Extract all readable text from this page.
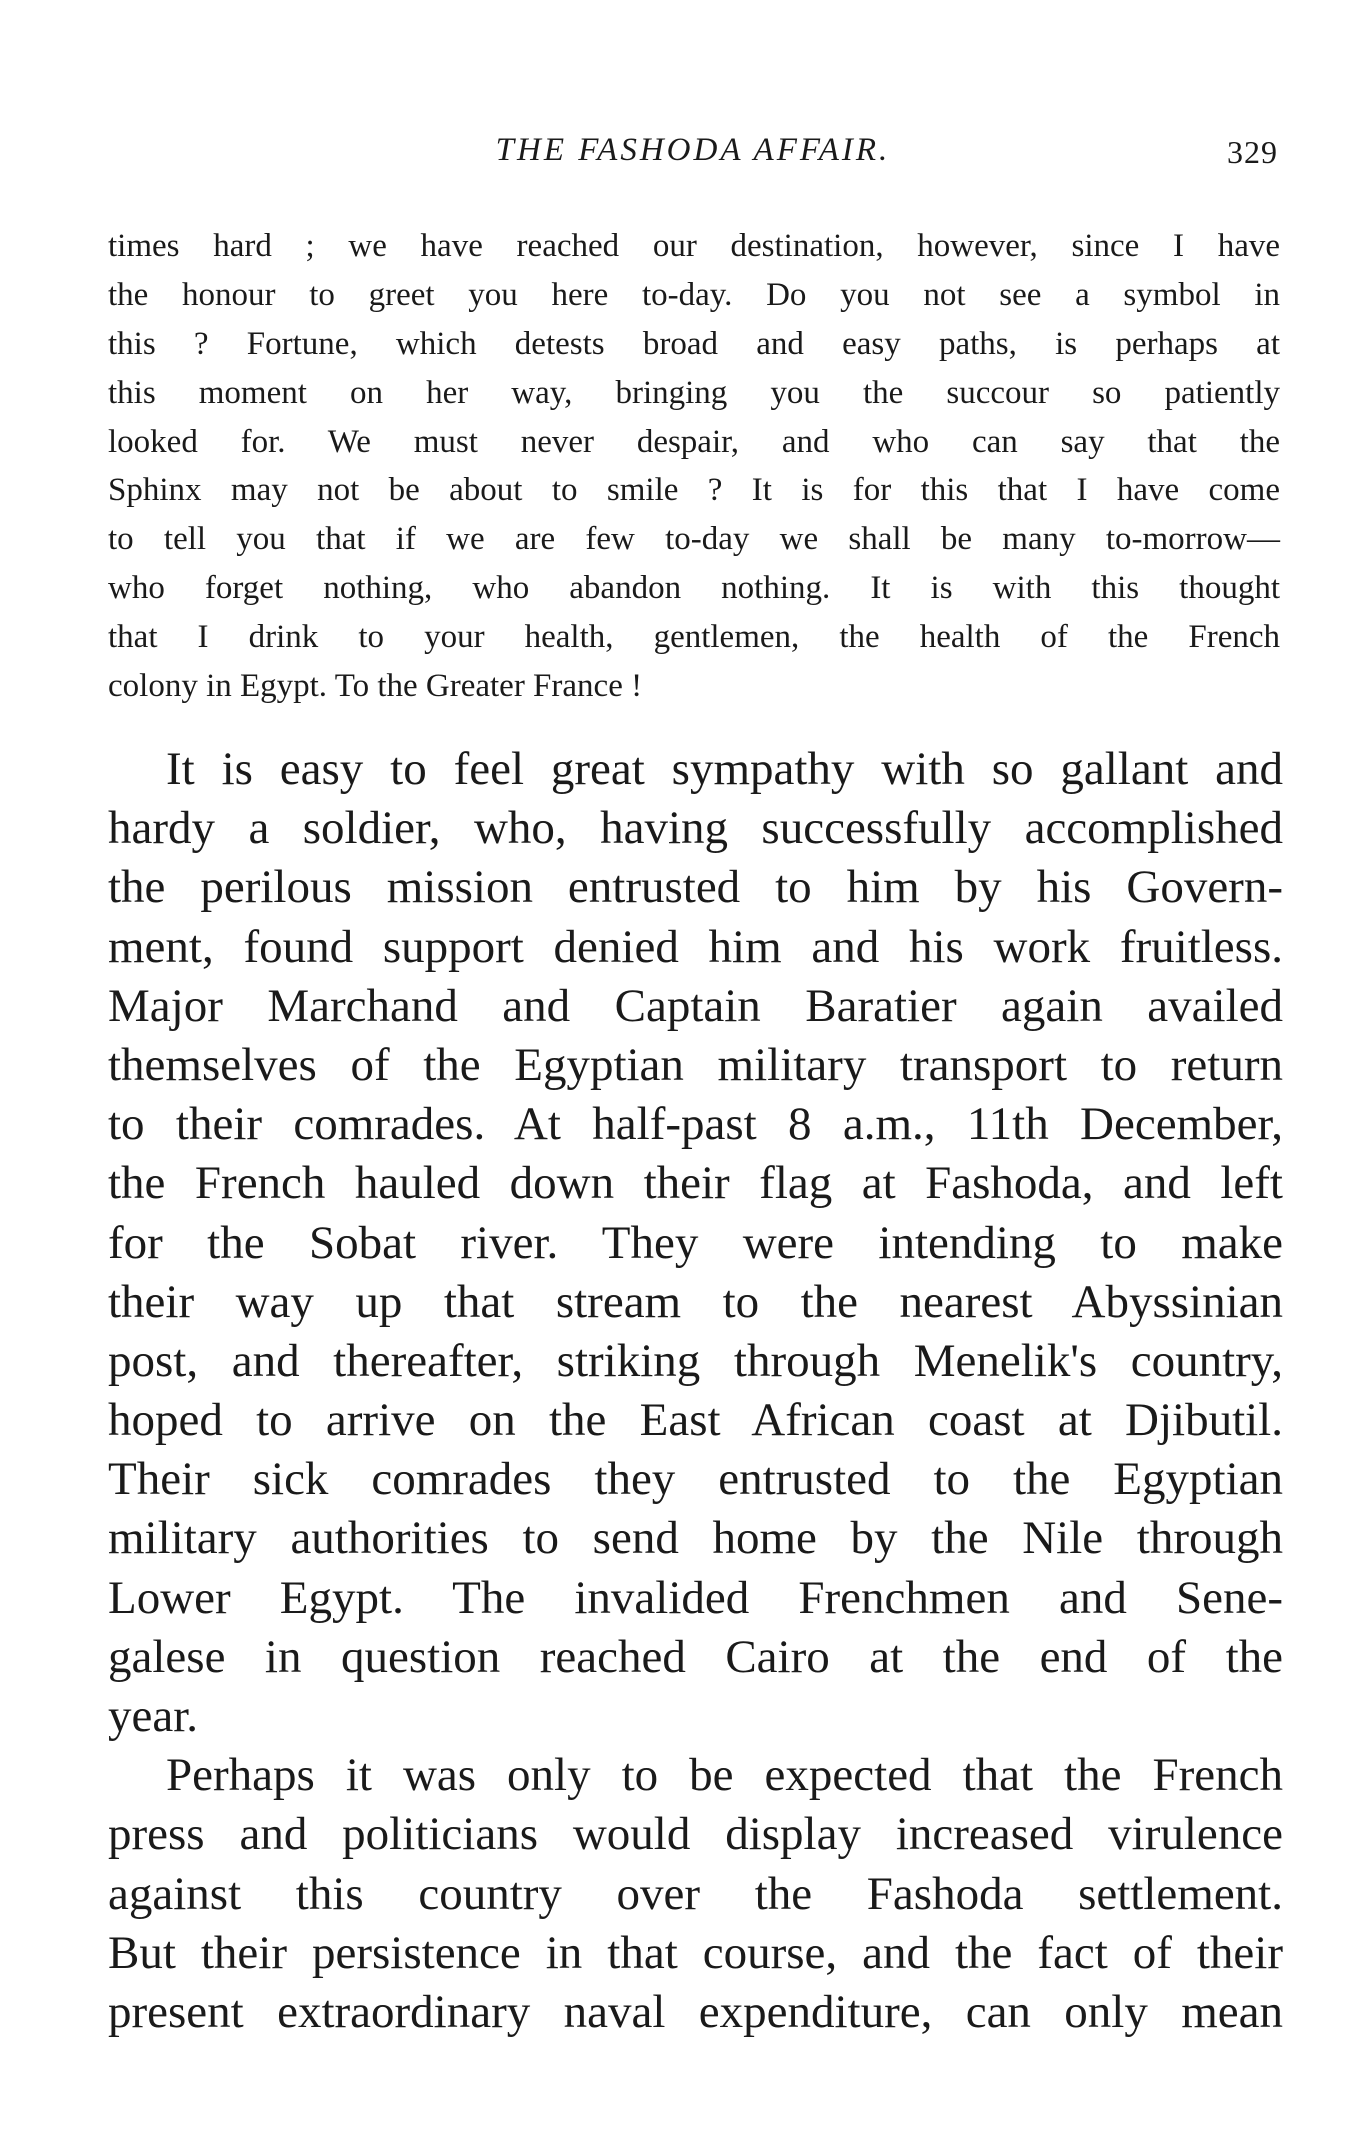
THE FASHODA AFFAIR.	329
times hard ; we have reached our destination, however, since I have
the honour to greet you here to-day. Do you not see a symbol in
this ? Fortune, which detests broad and easy paths, is perhaps at
this moment on her way, bringing you the succour so patiently
looked for. We must never despair, and who can say that the
Sphinx may not be about to smile ? It is for this that I have come
to tell you that if we are few to-day we shall be many to-morrow—
who forget nothing, who abandon nothing. It is with this thought
that I drink to your health, gentlemen, the health of the French
colony in Egypt. To the Greater France !
It is easy to feel great sympathy with so gallant and
hardy a soldier, who, having successfully accomplished
the perilous mission entrusted to him by his Govern-
ment, found support denied him and his work fruitless.
Major Marchand and Captain Baratier again availed
themselves of the Egyptian military transport to return
to their comrades. At half-past 8 a.m., 11th December,
the French hauled down their flag at Fashoda, and left
for the Sobat river. They were intending to make
their way up that stream to the nearest Abyssinian
post, and thereafter, striking through Menelik's country,
hoped to arrive on the East African coast at Djibutil.
Their sick comrades they entrusted to the Egyptian
military authorities to send home by the Nile through
Lower Egypt. The invalided Frenchmen and Sene-
galese in question reached Cairo at the end of the
year.
Perhaps it was only to be expected that the French
press and politicians would display increased virulence
against this country over the Fashoda settlement.
But their persistence in that course, and the fact of their
present extraordinary naval expenditure, can only mean
